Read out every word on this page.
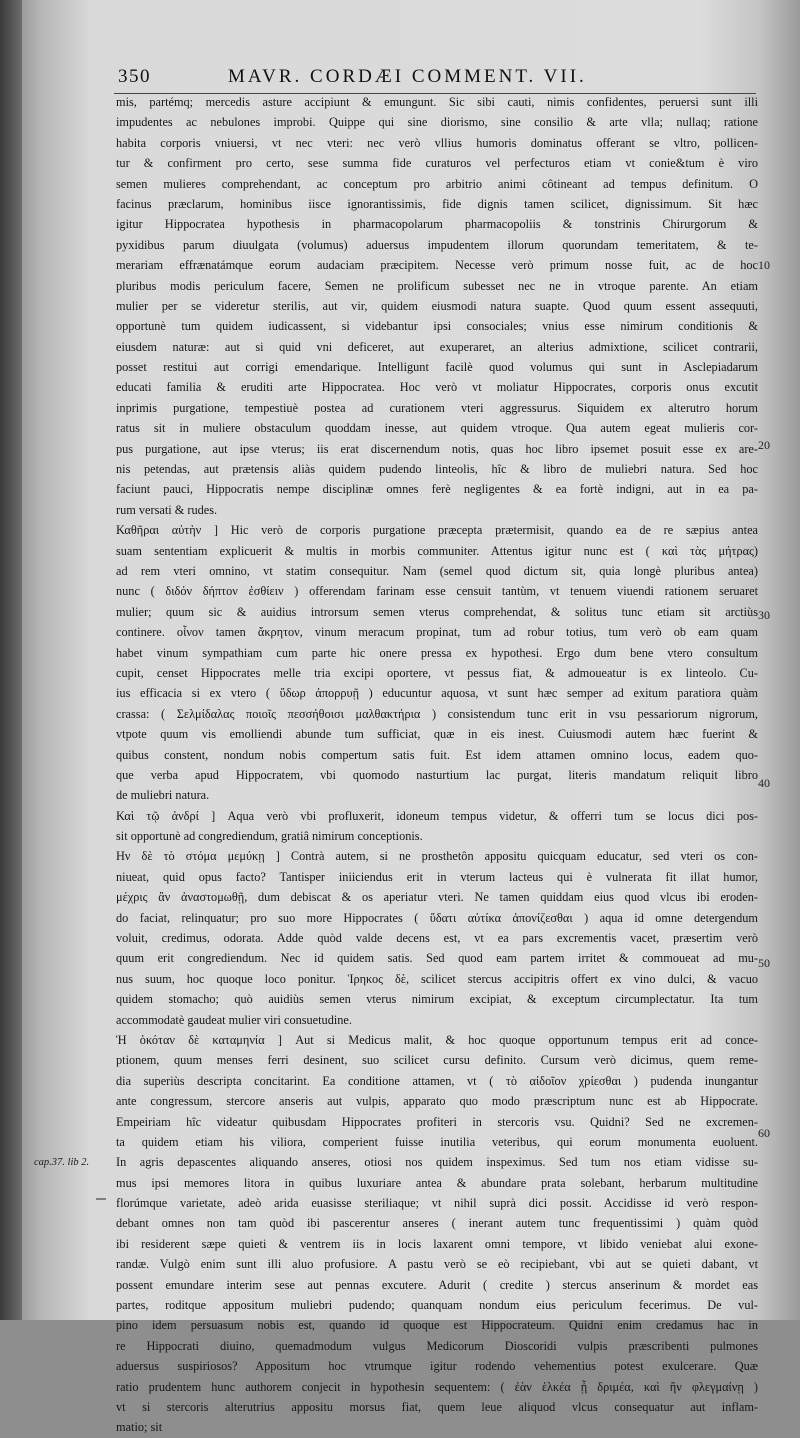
350	MAVR. CORDÆI COMMENT. VII.
mis, partémq; mercedis asture accipiunt & emungunt. Sic sibi cauti, nimis confidentes, peruersi sunt illi
impudentes ac nebulones improbi. Quippe qui sine diorismo, sine consilio & arte vlla; nullaq; ratione
habita corporis vniuersi, vt nec vteri: nec verò vllius humoris dominatus offerant se vltro, pollicen-
tur & confirment pro certo, sese summa fide curaturos vel perfecturos etiam vt conie&tum è viro
semen mulieres comprehendant, ac conceptum pro arbitrio animi côtineant ad tempus definitum. O
facinus præclarum, hominibus iisce ignorantissimis, fide dignis tamen scilicet, dignissimum. Sit hæc
igitur Hippocratea hypothesis in pharmacopolarum pharmacopoliis & tonstrinis Chirurgorum &
pyxidibus parum diuulgata (volumus) aduersus impudentem illorum quorundam temeritatem, & te-
merariam effrænatámque eorum audaciam præcipitem. Necesse verò primum nosse fuit, ac de hoc
pluribus modis periculum facere, Semen ne prolificum subesset nec ne in vtroque parente. An etiam
mulier per se videretur sterilis, aut vir, quidem eiusmodi natura suapte. Quod quum essent assequuti,
opportunè tum quidem iudicassent, si videbantur ipsi consociales; vnius esse nimirum conditionis &
eiusdem naturæ: aut si quid vni deficeret, aut exuperaret, an alterius admixtione, scilicet contrarii,
posset restitui aut corrigi emendarique. Intelligunt facilè quod volumus qui sunt in Asclepiadarum
educati familia & eruditi arte Hippocratea. Hoc verò vt moliatur Hippocrates, corporis onus excutit
inprimis purgatione, tempestiuè postea ad curationem vteri aggressurus. Siquidem ex alterutro horum
ratus sit in muliere obstaculum quoddam inesse, aut quidem vtroque. Qua autem egeat mulieris cor-
pus purgatione, aut ipse vterus; iis erat discernendum notis, quas hoc libro ipsemet posuit esse ex are-
nis petendas, aut prætensis aliàs quidem pudendo linteolis, hîc & libro de muliebri natura. Sed hoc
faciunt pauci, Hippocratis nempe disciplinæ omnes ferè negligentes & ea fortè indigni, aut in ea pa-
rum versati & rudes.
Καθῆραι αὐτὴν ] Hic verò de corporis purgatione præcepta prætermisit, quando ea de re sæpius antea
suam sententiam explicuerit & multis in morbis communiter. Attentus igitur nunc est ( καὶ τὰς μήτρας)
ad rem vteri omnino, vt statim consequitur. Nam (semel quod dictum sit, quia longè pluribus antea)
nunc ( διδόν δήπτον ἐσθίειν ) offerendam farinam esse censuit tantùm, vt tenuem viuendi rationem seruaret
mulier; quum sic & auidius introrsum semen vterus comprehendat, & solitus tunc etiam sit arctiùs
continere. οἶνον tamen ἄκρητον, vinum meracum propinat, tum ad robur totius, tum verò ob eam quam
habet vinum sympathiam cum parte hic onere pressa ex hypothesi. Ergo dum bene vtero consultum
cupit, censet Hippocrates melle tria excipi oportere, vt pessus fiat, & admoueatur is ex linteolo. Cu-
ius efficacia si ex vtero ( ὕδωρ ἀπορρυῇ ) educuntur aquosa, vt sunt hæc semper ad exitum paratiora quàm
crassa: ( Σελμίδαλας ποιοῖς πεσσήθοισι μαλθακτήρια ) consistendum tunc erit in vsu pessariorum nigrorum,
vtpote quum vis emolliendi abunde tum sufficiat, quæ in eis inest. Cuiusmodi autem hæc fuerint &
quibus constent, nondum nobis compertum satis fuit. Est idem attamen omnino locus, eadem quo-
que verba apud Hippocratem, vbi quomodo nasturtium lac purgat, literis mandatum reliquit libro
de muliebri natura.
Καὶ τῷ ἀνδρί ] Aqua verò vbi profluxerit, idoneum tempus videtur, & offerri tum se locus dici pos-
sit opportunè ad congrediendum, gratiâ nimirum conceptionis.
Ην δὲ τὸ στόμα μεμύκῃ ] Contrà autem, si ne prosthetôn appositu quicquam educatur, sed vteri os con-
niueat, quid opus facto? Tantisper iniiciendus erit in vterum lacteus qui è vulnerata fit illat humor,
μέχρις ἂν ἀναστομωθῇ, dum debiscat & os aperiatur vteri. Ne tamen quiddam eius quod vlcus ibi eroden-
do faciat, relinquatur; pro suo more Hippocrates ( ὕδατι αὐτίκα ἀπονίζεσθαι ) aqua id omne detergendum
voluit, credimus, odorata. Adde quòd valde decens est, vt ea pars excrementis vacet, præsertim verò
quum erit congrediendum. Nec id quidem satis. Sed quod eam partem irritet & commoueat ad mu-
nus suum, hoc quoque loco ponitur. Ἱρηκος δὲ, scilicet stercus accipitris offert ex vino dulci, & vacuo
quidem stomacho; quò auidiùs semen vterus nimirum excipiat, & exceptum circumplectatur. Ita tum
accommodatè gaudeat mulier viri consuetudine.
Ἡ ὁκόταν δὲ καταμηνία ] Aut si Medicus malit, & hoc quoque opportunum tempus erit ad conce-
ptionem, quum menses ferri desinent, suo scilicet cursu definito. Cursum verò dicimus, quem reme-
dia superiùs descripta concitarint. Ea conditione attamen, vt ( τὸ αἰδοῖον χρίεσθαι ) pudenda inungantur
ante congressum, stercore anseris aut vulpis, apparato quo modo præscriptum nunc est ab Hippocrate.
Empeiriam hîc videatur quibusdam Hippocrates profiteri in stercoris vsu. Quidni? Sed ne excremen-
ta quidem etiam his viliora, comperient fuisse inutilia veteribus, qui eorum monumenta euoluent.
In agris depascentes aliquando anseres, otiosi nos quidem inspeximus. Sed tum nos etiam vidisse su-
mus ipsi memores litora in quibus luxuriare antea & abundare prata solebant, herbarum multitudine
florúmque varietate, adeò arida euasisse steriliaque; vt nihil suprà dici possit. Accidisse id verò respon-
debant omnes non tam quòd ibi pascerentur anseres ( inerant autem tunc frequentissimi ) quàm quòd
ibi residerent sæpe quieti & ventrem iis in locis laxarent omni tempore, vt libido veniebat alui exone-
randæ. Vulgò enim sunt illi aluo profusiore. A pastu verò se eò recipiebant, vbi aut se quieti dabant, vt
possent emundare interim sese aut pennas excutere. Adurit ( credite ) stercus anserinum & mordet eas
partes, roditque appositum muliebri pudendo; quanquam nondum eius periculum fecerimus. De vul-
pino idem persuasum nobis est, quando id quoque est Hippocrateum. Quidni enim credamus hac in
re Hippocrati diuino, quemadmodum vulgus Medicorum Dioscoridi vulpis præscribenti pulmones
aduersus suspiriosos? Appositum hoc vtrumque igitur rodendo vehementius potest exulcerare. Quæ
ratio prudentem hunc authorem conjecit in hypothesin sequentem: ( ἐὰν ἑλκέα ᾖ δριμέα, καὶ ἢν φλεγμαίνῃ )
vt si stercoris alterutrius appositu morsus fiat, quem leue aliquod vlcus consequatur aut inflam-
matio; sit
10
20
30
40
50
60
cap.37. lib 2.
